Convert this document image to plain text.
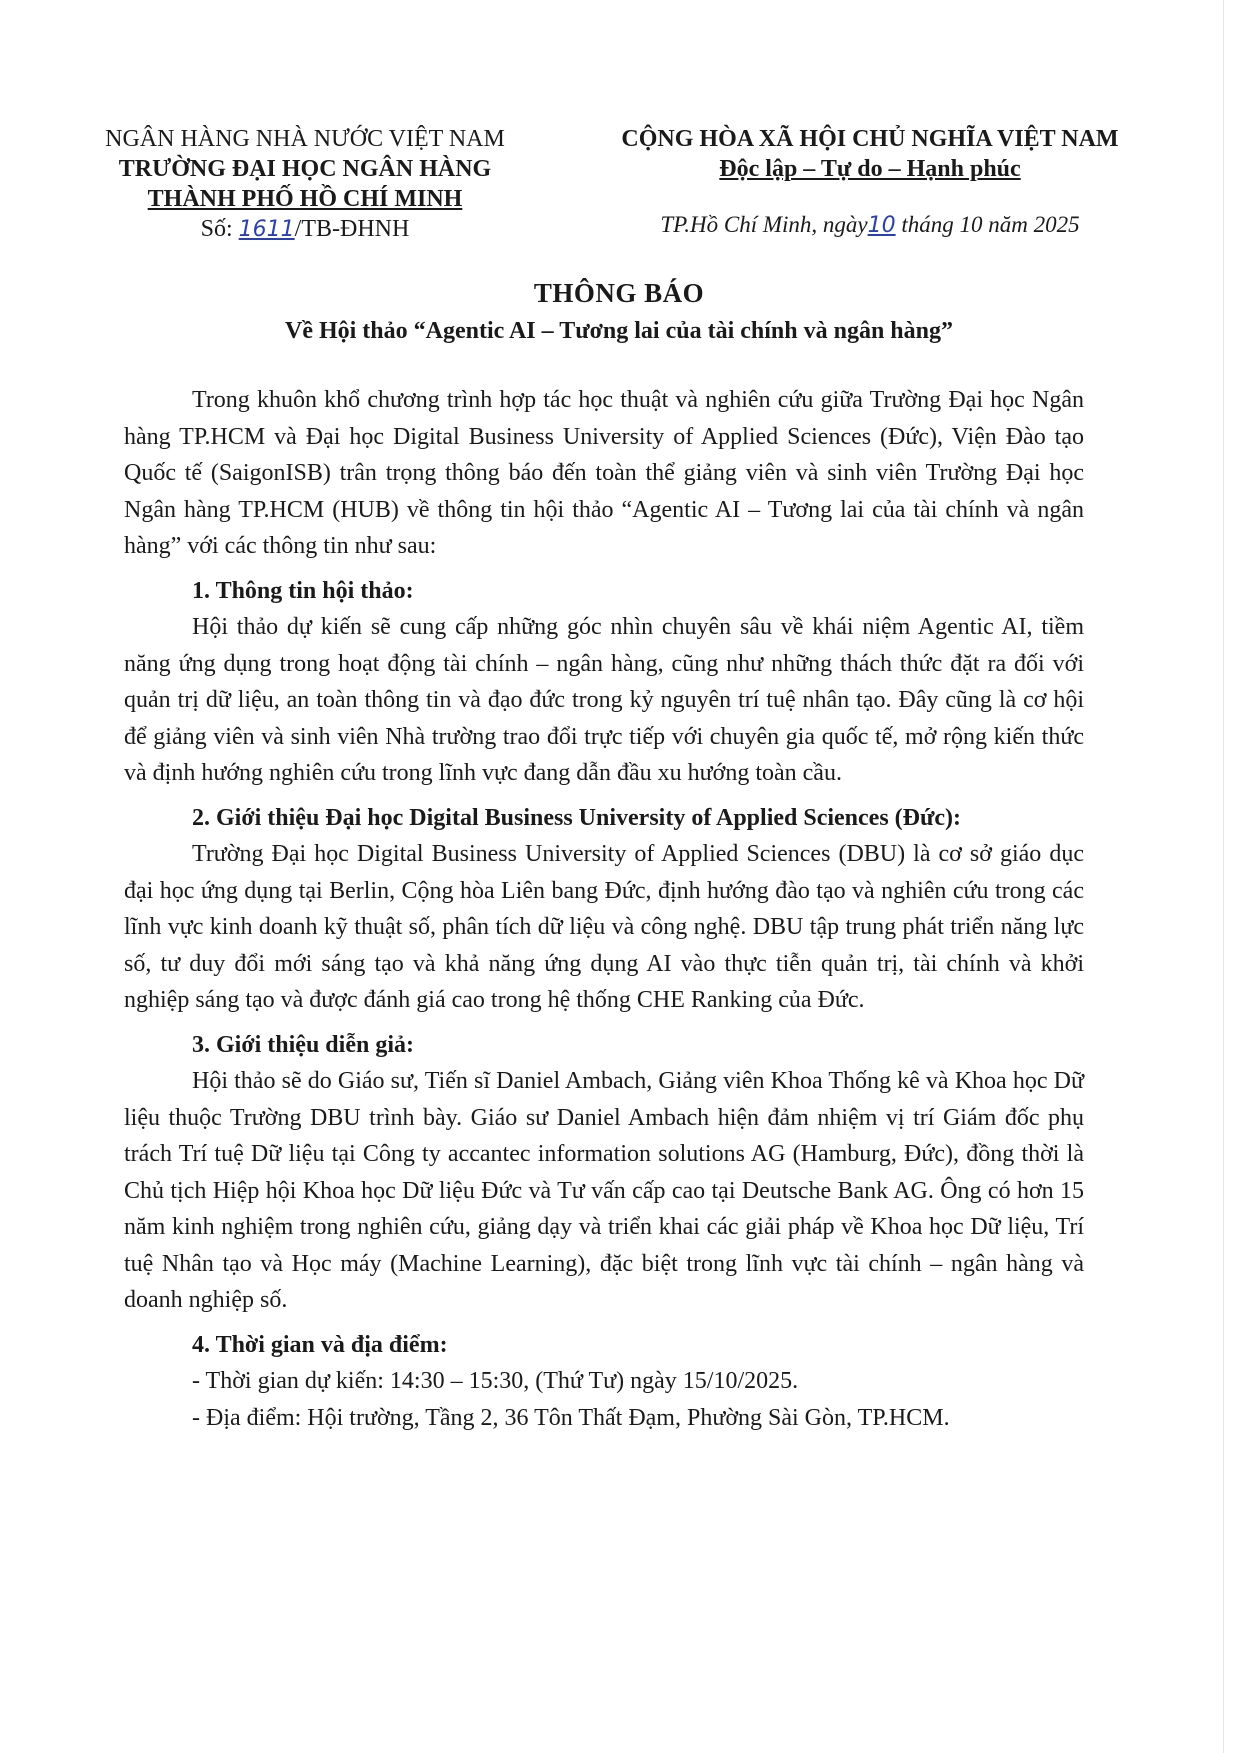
NGÂN HÀNG NHÀ NƯỚC VIỆT NAM
TRƯỜNG ĐẠI HỌC NGÂN HÀNG
THÀNH PHỐ HỒ CHÍ MINH
Số: 1611/TB-ĐHNH
CỘNG HÒA XÃ HỘI CHỦ NGHĨA VIỆT NAM
Độc lập – Tự do – Hạnh phúc
TP.Hồ Chí Minh, ngày10 tháng 10 năm 2025
THÔNG BÁO
Về Hội thảo “Agentic AI – Tương lai của tài chính và ngân hàng”

Trong khuôn khổ chương trình hợp tác học thuật và nghiên cứu giữa Trường Đại học Ngân hàng TP.HCM và Đại học Digital Business University of Applied Sciences (Đức), Viện Đào tạo Quốc tế (SaigonISB) trân trọng thông báo đến toàn thể giảng viên và sinh viên Trường Đại học Ngân hàng TP.HCM (HUB) về thông tin hội thảo “Agentic AI – Tương lai của tài chính và ngân hàng” với các thông tin như sau:

1. Thông tin hội thảo:

Hội thảo dự kiến sẽ cung cấp những góc nhìn chuyên sâu về khái niệm Agentic AI, tiềm năng ứng dụng trong hoạt động tài chính – ngân hàng, cũng như những thách thức đặt ra đối với quản trị dữ liệu, an toàn thông tin và đạo đức trong kỷ nguyên trí tuệ nhân tạo. Đây cũng là cơ hội để giảng viên và sinh viên Nhà trường trao đổi trực tiếp với chuyên gia quốc tế, mở rộng kiến thức và định hướng nghiên cứu trong lĩnh vực đang dẫn đầu xu hướng toàn cầu.

2. Giới thiệu Đại học Digital Business University of Applied Sciences (Đức):

Trường Đại học Digital Business University of Applied Sciences (DBU) là cơ sở giáo dục đại học ứng dụng tại Berlin, Cộng hòa Liên bang Đức, định hướng đào tạo và nghiên cứu trong các lĩnh vực kinh doanh kỹ thuật số, phân tích dữ liệu và công nghệ. DBU tập trung phát triển năng lực số, tư duy đổi mới sáng tạo và khả năng ứng dụng AI vào thực tiễn quản trị, tài chính và khởi nghiệp sáng tạo và được đánh giá cao trong hệ thống CHE Ranking của Đức.

3. Giới thiệu diễn giả:

Hội thảo sẽ do Giáo sư, Tiến sĩ Daniel Ambach, Giảng viên Khoa Thống kê và Khoa học Dữ liệu thuộc Trường DBU trình bày. Giáo sư Daniel Ambach hiện đảm nhiệm vị trí Giám đốc phụ trách Trí tuệ Dữ liệu tại Công ty accantec information solutions AG (Hamburg, Đức), đồng thời là Chủ tịch Hiệp hội Khoa học Dữ liệu Đức và Tư vấn cấp cao tại Deutsche Bank AG. Ông có hơn 15 năm kinh nghiệm trong nghiên cứu, giảng dạy và triển khai các giải pháp về Khoa học Dữ liệu, Trí tuệ Nhân tạo và Học máy (Machine Learning), đặc biệt trong lĩnh vực tài chính – ngân hàng và doanh nghiệp số.

4. Thời gian và địa điểm:

- Thời gian dự kiến: 14:30 – 15:30, (Thứ Tư) ngày 15/10/2025.

- Địa điểm: Hội trường, Tầng 2, 36 Tôn Thất Đạm, Phường Sài Gòn, TP.HCM.
